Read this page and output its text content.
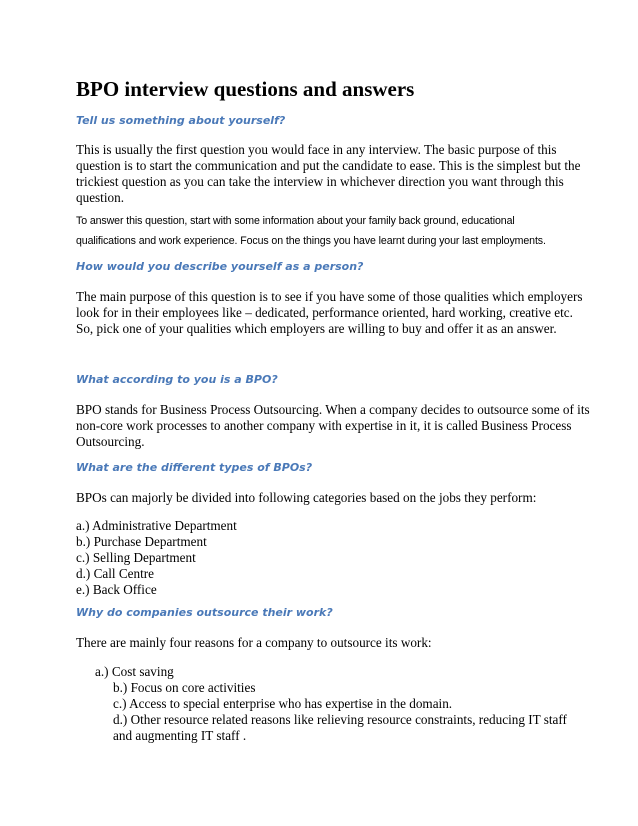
BPO interview questions and answers
Tell us something about yourself?
This is usually the first question you would face in any interview. The basic purpose of this
question is to start the communication and put the candidate to ease. This is the simplest but the
trickiest question as you can take the interview in whichever direction you want through this
question.
To answer this question, start with some information about your family back ground, educational
qualifications and work experience. Focus on the things you have learnt during your last employments.
How would you describe yourself as a person?
The main purpose of this question is to see if you have some of those qualities which employers
look for in their employees like – dedicated, performance oriented, hard working, creative etc.
So, pick one of your qualities which employers are willing to buy and offer it as an answer.
What according to you is a BPO?
BPO stands for Business Process Outsourcing. When a company decides to outsource some of its
non-core work processes to another company with expertise in it, it is called Business Process
Outsourcing.
What are the different types of BPOs?
BPOs can majorly be divided into following categories based on the jobs they perform:
a.) Administrative Department
b.) Purchase Department
c.) Selling Department
d.) Call Centre
e.) Back Office
Why do companies outsource their work?
There are mainly four reasons for a company to outsource its work:
a.) Cost saving
b.) Focus on core activities
c.) Access to special enterprise who has expertise in the domain.
d.) Other resource related reasons like relieving resource constraints, reducing IT staff
and augmenting IT staff .
